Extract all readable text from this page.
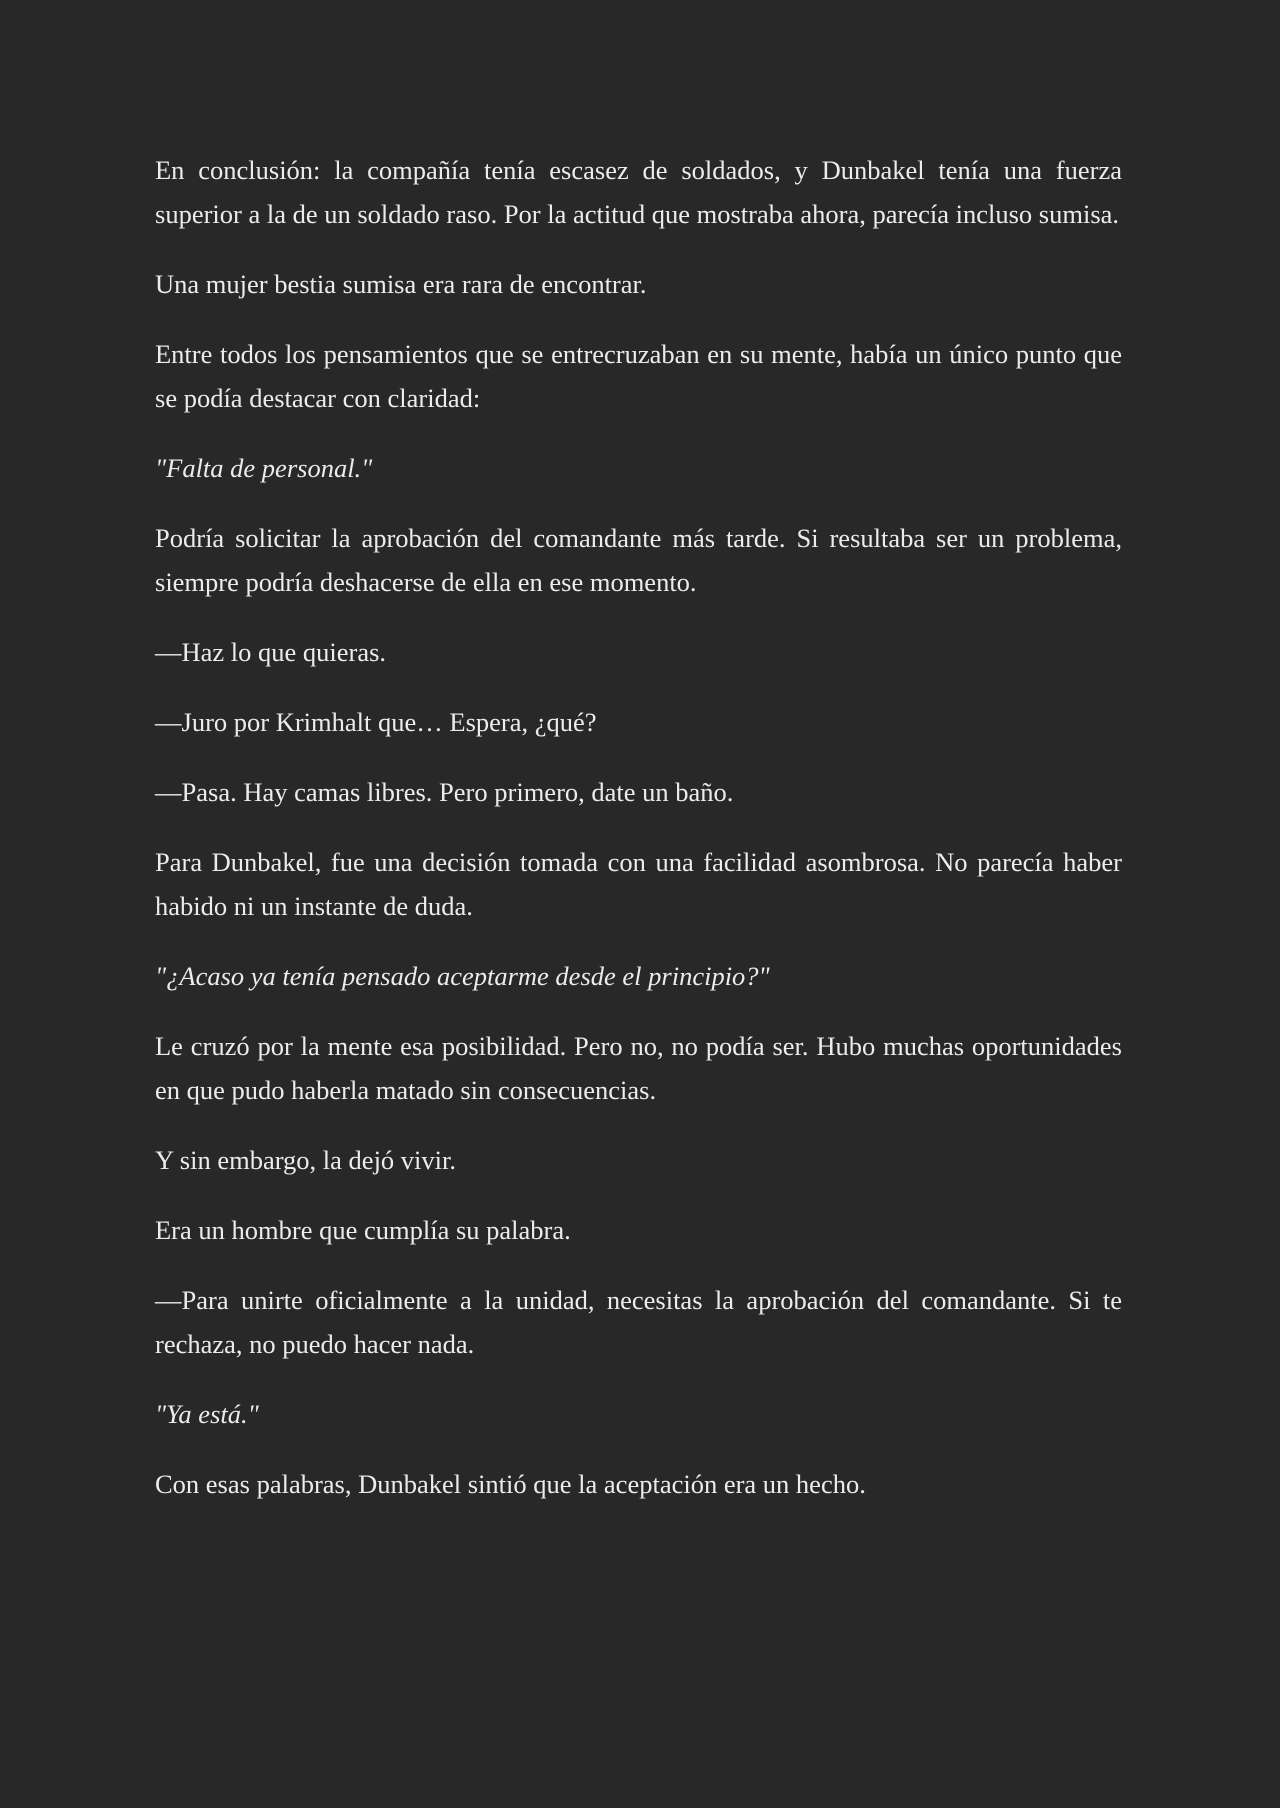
En conclusión: la compañía tenía escasez de soldados, y Dunbakel tenía una fuerza superior a la de un soldado raso. Por la actitud que mostraba ahora, parecía incluso sumisa.

Una mujer bestia sumisa era rara de encontrar.

Entre todos los pensamientos que se entrecruzaban en su mente, había un único punto que se podía destacar con claridad:

"Falta de personal."

Podría solicitar la aprobación del comandante más tarde. Si resultaba ser un problema, siempre podría deshacerse de ella en ese momento.

—Haz lo que quieras.

—Juro por Krimhalt que… Espera, ¿qué?

—Pasa. Hay camas libres. Pero primero, date un baño.

Para Dunbakel, fue una decisión tomada con una facilidad asombrosa. No parecía haber habido ni un instante de duda.

"¿Acaso ya tenía pensado aceptarme desde el principio?"

Le cruzó por la mente esa posibilidad. Pero no, no podía ser. Hubo muchas oportunidades en que pudo haberla matado sin consecuencias.

Y sin embargo, la dejó vivir.

Era un hombre que cumplía su palabra.

—Para unirte oficialmente a la unidad, necesitas la aprobación del comandante. Si te rechaza, no puedo hacer nada.

"Ya está."

Con esas palabras, Dunbakel sintió que la aceptación era un hecho.
